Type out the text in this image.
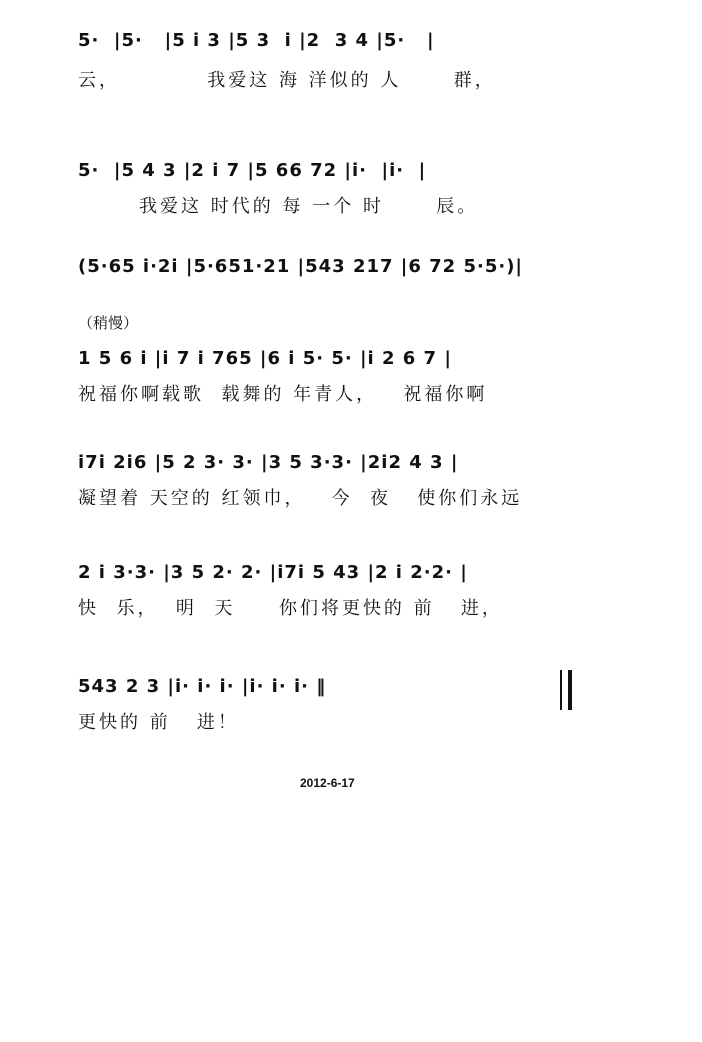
5·  |5·   |5 i 3 |5 3  i |2  3 4 |5·   |
云，          我爱这 海 洋似的 人      群，
5·  |5 4 3 |2 i 7 |5 66 72 |i·  |i·  |
我爱这 时代的 每 一个 时      辰。
(5·65 i·2i |5·651·21 |543 217 |6 72 5·5·)|
（稍慢）
1 5 6 i |i 7 i 765 |6 i 5· 5· |i 2 6 7 |
祝福你啊载歌  载舞的 年青人，   祝福你啊
i7i 2i6 |5 2 3· 3· |3 5 3·3· |2i2 4 3 |
凝望着 天空的 红领巾，   今  夜   使你们永远
2 i 3·3· |3 5 2· 2· |i7i 5 43 |2 i 2·2· |
快  乐，  明  天     你们将更快的 前   进，
543 2 3 |i· i· i· |i· i· i· ‖
更快的 前   进！
2012-6-17
